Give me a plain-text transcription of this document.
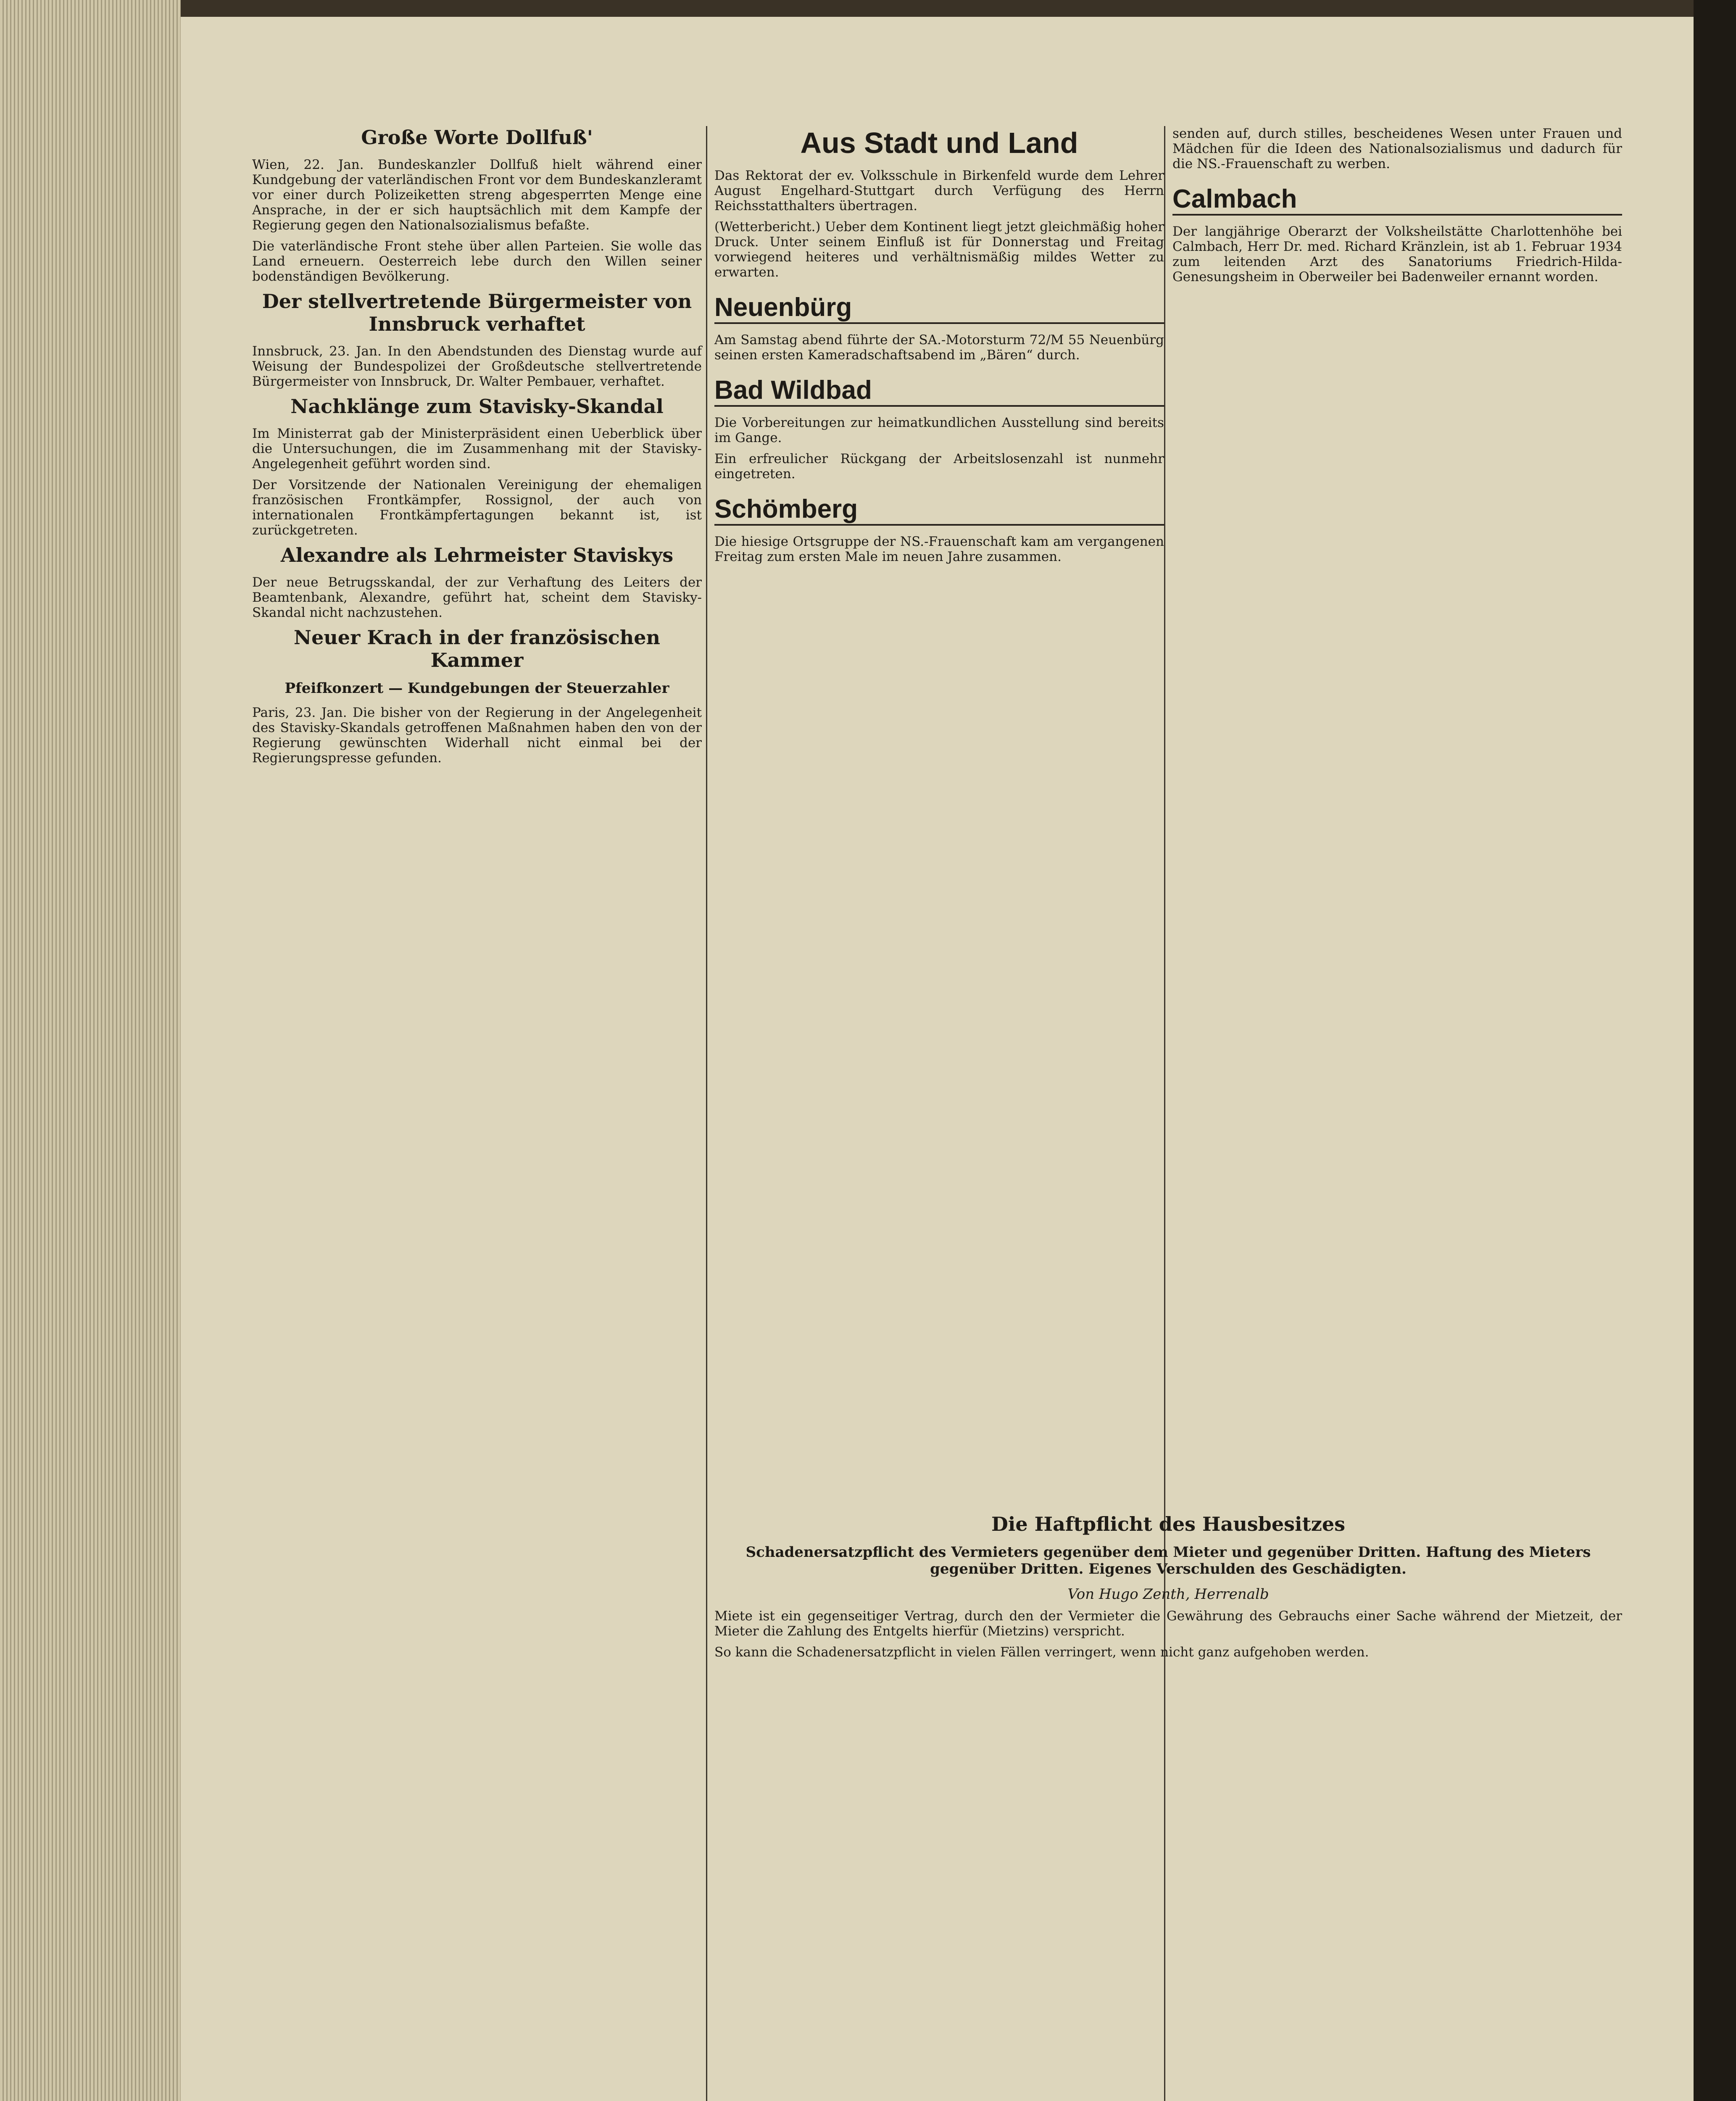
Große Worte Dollfuß'

Wien, 22. Jan. Bundeskanzler Dollfuß hielt während einer Kundgebung der vaterländischen Front vor dem Bundeskanzleramt vor einer durch Polizeiketten streng abgesperrten Menge eine Ansprache, in der er sich hauptsächlich mit dem Kampfe der Regierung gegen den Nationalsozialismus befaßte.

Die vaterländische Front stehe über allen Parteien. Sie wolle das Land erneuern. Oesterreich lebe durch den Willen seiner bodenständigen Bevölkerung.

Der stellvertretende Bürgermeister von Innsbruck verhaftet

Innsbruck, 23. Jan. In den Abendstunden des Dienstag wurde auf Weisung der Bundespolizei der Großdeutsche stellvertretende Bürgermeister von Innsbruck, Dr. Walter Pembauer, verhaftet.

Nachklänge zum Stavisky-Skandal

Im Ministerrat gab der Ministerpräsident einen Ueberblick über die Untersuchungen, die im Zusammenhang mit der Stavisky-Angelegenheit geführt worden sind.

Der Vorsitzende der Nationalen Vereinigung der ehemaligen französischen Frontkämpfer, Rossignol, der auch von internationalen Frontkämpfertagungen bekannt ist, ist zurückgetreten.

Alexandre als Lehrmeister Staviskys

Der neue Betrugsskandal, der zur Verhaftung des Leiters der Beamtenbank, Alexandre, geführt hat, scheint dem Stavisky-Skandal nicht nachzustehen.

Neuer Krach in der französischen Kammer
Pfeifkonzert — Kundgebungen der Steuerzahler

Paris, 23. Jan. Die bisher von der Regierung in der Angelegenheit des Stavisky-Skandals getroffenen Maßnahmen haben den von der Regierung gewünschten Widerhall nicht einmal bei der Regierungspresse gefunden.

Aus Stadt und Land

Das Rektorat der ev. Volksschule in Birkenfeld wurde dem Lehrer August Engelhard-Stuttgart durch Verfügung des Herrn Reichsstatthalters übertragen.

(Wetterbericht.) Ueber dem Kontinent liegt jetzt gleichmäßig hoher Druck. Unter seinem Einfluß ist für Donnerstag und Freitag vorwiegend heiteres und verhältnismäßig mildes Wetter zu erwarten.

Neuenbürg

Am Samstag abend führte der SA.-Motorsturm 72/M 55 Neuenbürg seinen ersten Kameradschaftsabend im „Bären“ durch.

Bad Wildbad

Die Vorbereitungen zur heimatkundlichen Ausstellung sind bereits im Gange.

Ein erfreulicher Rückgang der Arbeitslosenzahl ist nunmehr eingetreten.

Schömberg

Die hiesige Ortsgruppe der NS.-Frauenschaft kam am vergangenen Freitag zum ersten Male im neuen Jahre zusammen.

senden auf, durch stilles, bescheidenes Wesen unter Frauen und Mädchen für die Ideen des Nationalsozialismus und dadurch für die NS.-Frauenschaft zu werben.

Calmbach

Der langjährige Oberarzt der Volksheilstätte Charlottenhöhe bei Calmbach, Herr Dr. med. Richard Kränzlein, ist ab 1. Februar 1934 zum leitenden Arzt des Sanatoriums Friedrich-Hilda-Genesungsheim in Oberweiler bei Badenweiler ernannt worden.

Die Haftpflicht des Hausbesitzes
Schadenersatzpflicht des Vermieters gegenüber dem Mieter und gegenüber Dritten. Haftung des Mieters gegenüber Dritten. Eigenes Verschulden des Geschädigten.
Von Hugo Zenth, Herrenalb

Miete ist ein gegenseitiger Vertrag, durch den der Vermieter die Gewährung des Gebrauchs einer Sache während der Mietzeit, der Mieter die Zahlung des Entgelts hierfür (Mietzins) verspricht.

So kann die Schadenersatzpflicht in vielen Fällen verringert, wenn nicht ganz aufgehoben werden.
